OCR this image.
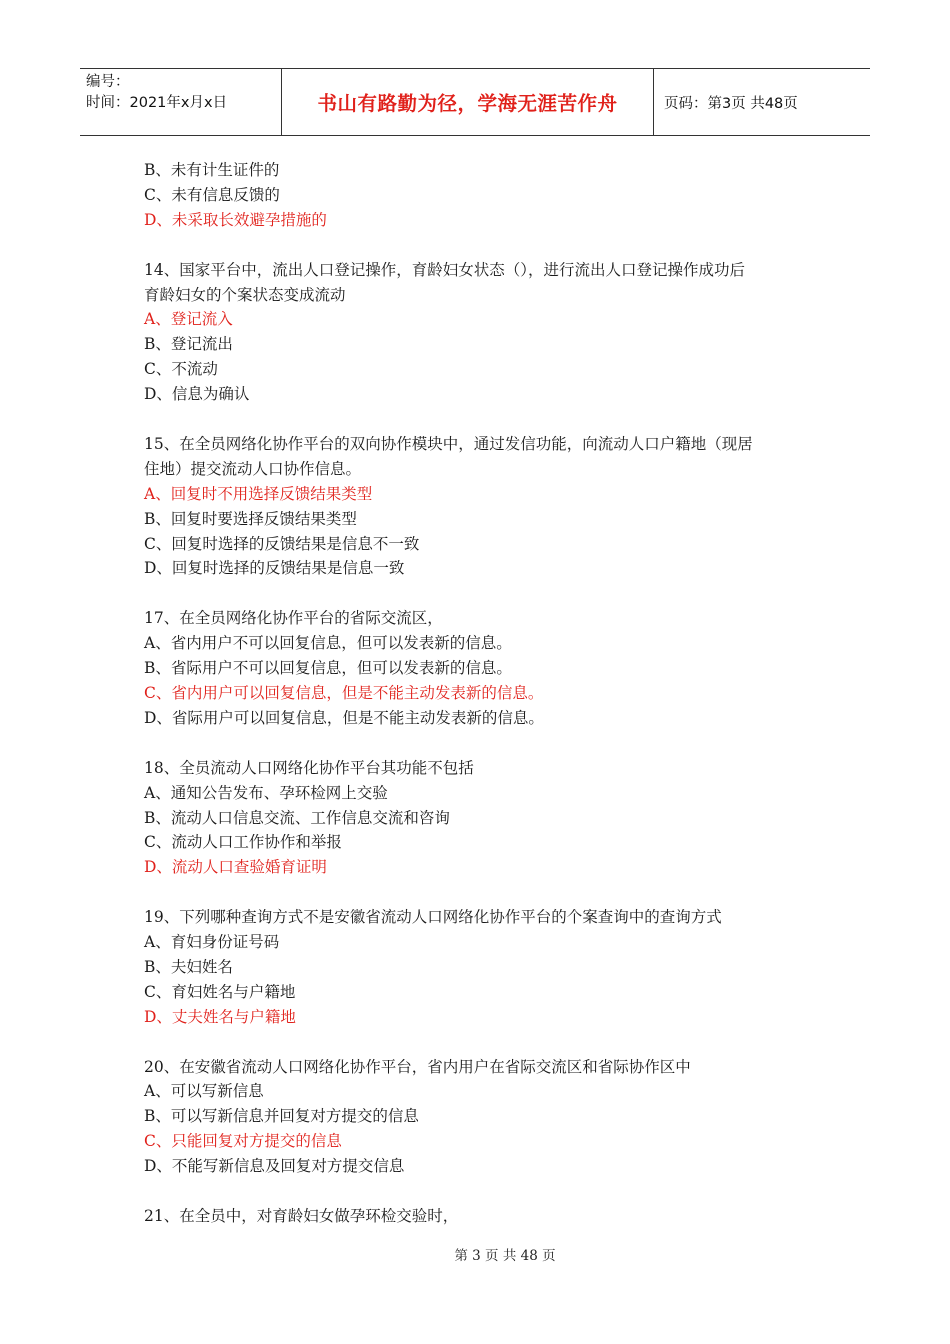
编号：
时间：2021年x月x日	书山有路勤为径，学海无涯苦作舟	页码：第3页 共48页
B、未有计生证件的
C、未有信息反馈的
D、未采取长效避孕措施的
14、国家平台中，流出人口登记操作，育龄妇女状态（），进行流出人口登记操作成功后
育龄妇女的个案状态变成流动
A、登记流入
B、登记流出
C、不流动
D、信息为确认
15、在全员网络化协作平台的双向协作模块中，通过发信功能，向流动人口户籍地（现居
住地）提交流动人口协作信息。
A、回复时不用选择反馈结果类型
B、回复时要选择反馈结果类型
C、回复时选择的反馈结果是信息不一致
D、回复时选择的反馈结果是信息一致
17、在全员网络化协作平台的省际交流区，
A、省内用户不可以回复信息，但可以发表新的信息。
B、省际用户不可以回复信息，但可以发表新的信息。
C、省内用户可以回复信息，但是不能主动发表新的信息。
D、省际用户可以回复信息，但是不能主动发表新的信息。
18、全员流动人口网络化协作平台其功能不包括
A、通知公告发布、孕环检网上交验
B、流动人口信息交流、工作信息交流和咨询
C、流动人口工作协作和举报
D、流动人口查验婚育证明
19、下列哪种查询方式不是安徽省流动人口网络化协作平台的个案查询中的查询方式
A、育妇身份证号码
B、夫妇姓名
C、育妇姓名与户籍地
D、丈夫姓名与户籍地
20、在安徽省流动人口网络化协作平台，省内用户在省际交流区和省际协作区中
A、可以写新信息
B、可以写新信息并回复对方提交的信息
C、只能回复对方提交的信息
D、不能写新信息及回复对方提交信息
21、在全员中，对育龄妇女做孕环检交验时，
第 3 页 共 48 页
